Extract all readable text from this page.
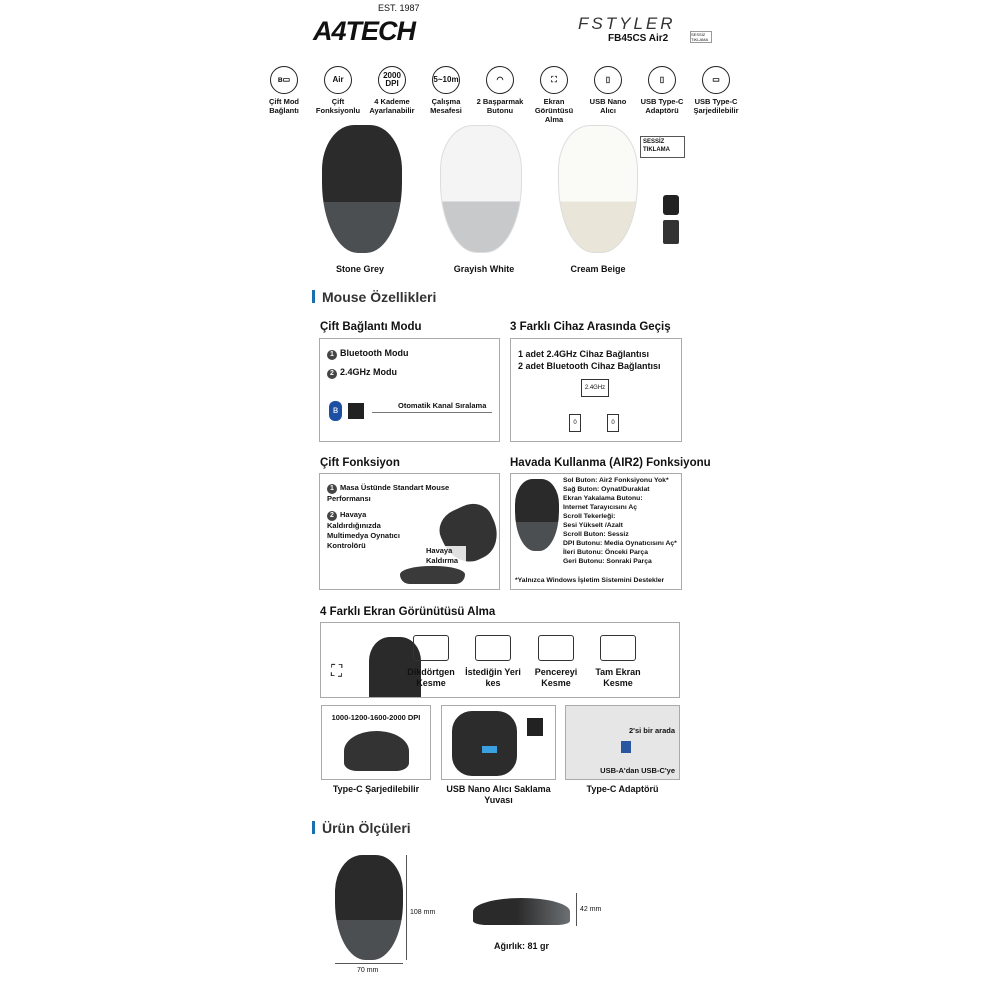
A4TECH
EST. 1987
FSTYLER
FB45CS Air2	SESSİZ TIKLAMA
ʙ▭
Çift Mod Bağlantı
Air
Çift Fonksiyonlu
2000 DPI
4 Kademe Ayarlanabilir
5~10m
Çalışma Mesafesi
◠
2 Başparmak Butonu
⛶
Ekran Görüntüsü Alma
▯
USB Nano Alıcı
▯
USB Type-C Adaptörü
▭
USB Type-C Şarjedilebilir
SESSİZ TIKLAMA
Stone Grey	Grayish White	Cream Beige
Mouse Özellikleri
Çift Bağlantı Modu
1 Bluetooth Modu
2 2.4GHz Modu
ʙ	Otomatik Kanal Sıralama
3 Farklı Cihaz Arasında Geçiş
1 adet 2.4GHz Cihaz Bağlantısı
2 adet Bluetooth Cihaz Bağlantısı
2.4GHz
0	0
Çift Fonksiyon
1 Masa Üstünde Standart Mouse Performansı
2 Havaya Kaldırdığınızda Multimedya Oynatıcı Kontrolörü
Havaya Kaldırma
Havada Kullanma (AIR2) Fonksiyonu
Sol Buton: Air2 Fonksiyonu Yok*
Sağ Buton: Oynat/Duraklat
Ekran Yakalama Butonu:
Internet Tarayıcısını Aç
Scroll Tekerleği:
Sesi Yükselt /Azalt
Scroll Buton: Sessiz
DPI Butonu: Media Oynatıcısını Aç*
İleri Butonu: Önceki Parça
Geri Butonu: Sonraki Parça
*Yalnızca Windows İşletim Sistemini Destekler
4 Farklı Ekran Görünütüsü Alma
⛶	Dikdörtgen Kesme
İstediğin Yeri kes
Pencereyi Kesme
Tam Ekran Kesme
1000-1200-1600-2000 DPI
2'si bir arada
USB-A'dan USB-C'ye
Type-C Şarjedilebilir	USB Nano Alıcı Saklama Yuvası
Type-C Adaptörü
Ürün Ölçüleri
108 mm
70 mm
42 mm
Ağırlık: 81 gr
